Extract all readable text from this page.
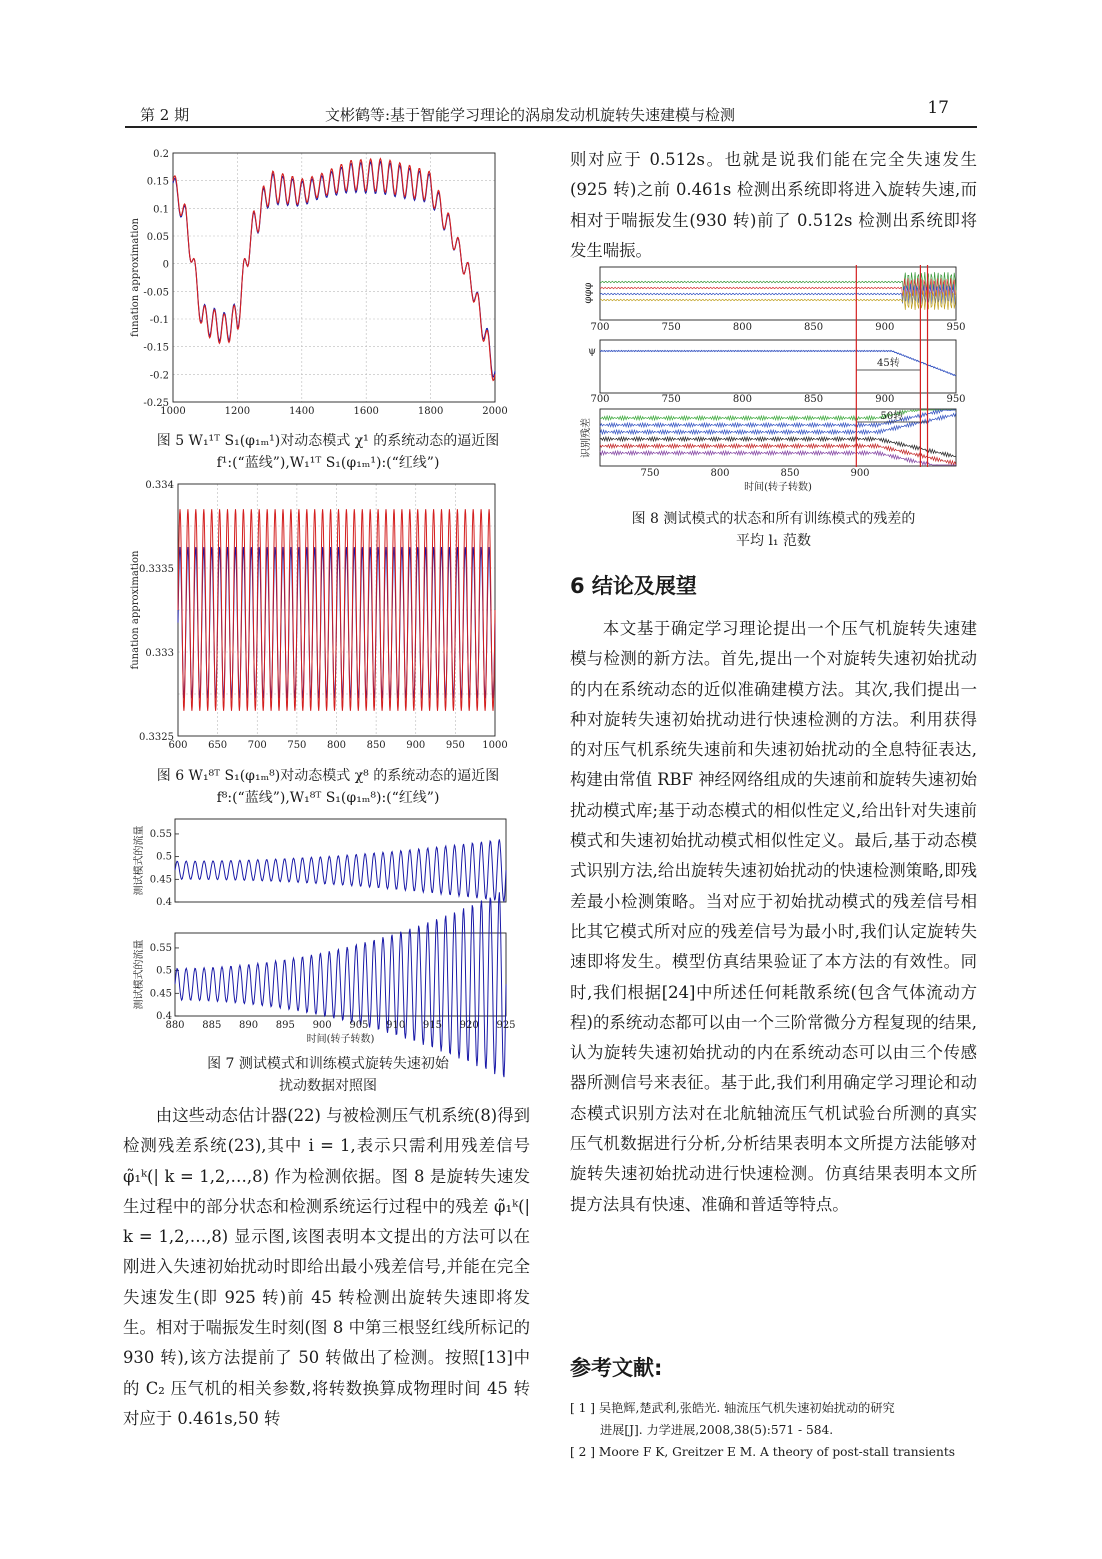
第 2 期	文彬鹤等:基于智能学习理论的涡扇发动机旋转失速建模与检测	17
1000	1200	1400	1600	1800	2000
0.2
0.15
0.1
0.05
0
-0.05
-0.1
-0.15
-0.2
-0.25
funation approximation
图 5 W₁¹ᵀ S₁(φ₁ₘ¹)对动态模式 χ¹ 的系统动态的逼近图
f¹:(“蓝线”),W₁¹ᵀ S₁(φ₁ₘ¹):(“红线”)
600 650 700 750 800 850 900 950 1000
0.334
0.3335
0.333
0.3325
funation approximation
图 6 W₁⁸ᵀ S₁(φ₁ₘ⁸)对动态模式 χ⁸ 的系统动态的逼近图
f⁸:(“蓝线”),W₁⁸ᵀ S₁(φ₁ₘ⁸):(“红线”)
0.55
0.5
0.45
0.4
测试模式的流量
0.55
0.5
0.45
0.4
测试模式的流量
880 885 890 895 900 905 910 915 920 925
时间(转子转数)
图 7 测试模式和训练模式旋转失速初始
扰动数据对照图

由这些动态估计器(22) 与被检测压气机系统(8)得到检测残差系统(23),其中 i = 1,表示只需利用残差信号 φ̃₁ᵏ(| k = 1,2,…,8) 作为检测依据。图 8 是旋转失速发生过程中的部分状态和检测系统运行过程中的残差 φ̃₁ᵏ(| k = 1,2,…,8) 显示图,该图表明本文提出的方法可以在刚进入失速初始扰动时即给出最小残差信号,并能在完全失速发生(即 925 转)前 45 转检测出旋转失速即将发生。相对于喘振发生时刻(图 8 中第三根竖红线所标记的 930 转),该方法提前了 50 转做出了检测。按照[13]中的 C₂ 压气机的相关参数,将转数换算成物理时间 45 转对应于 0.461s,50 转

则对应于 0.512s。也就是说我们能在完全失速发生(925 转)之前 0.461s 检测出系统即将进入旋转失速,而相对于喘振发生(930 转)前了 0.512s 检测出系统即将发生喘振。

φφφ
700	750	800	850	900	950
ψ
45转
700	750	800	850	900	950
识别残差
50转
750	800	850	900
时间(转子转数)
图 8 测试模式的状态和所有训练模式的残差的
平均 l₁ 范数
6 结论及展望

本文基于确定学习理论提出一个压气机旋转失速建模与检测的新方法。首先,提出一个对旋转失速初始扰动的内在系统动态的近似准确建模方法。其次,我们提出一种对旋转失速初始扰动进行快速检测的方法。利用获得的对压气机系统失速前和失速初始扰动的全息特征表达,构建由常值 RBF 神经网络组成的失速前和旋转失速初始扰动模式库;基于动态模式的相似性定义,给出针对失速前模式和失速初始扰动模式相似性定义。最后,基于动态模式识别方法,给出旋转失速初始扰动的快速检测策略,即残差最小检测策略。当对应于初始扰动模式的残差信号相比其它模式所对应的残差信号为最小时,我们认定旋转失速即将发生。模型仿真结果验证了本方法的有效性。同时,我们根据[24]中所述任何耗散系统(包含气体流动方程)的系统动态都可以由一个三阶常微分方程复现的结果,认为旋转失速初始扰动的内在系统动态可以由三个传感器所测信号来表征。基于此,我们利用确定学习理论和动态模式识别方法对在北航轴流压气机试验台所测的真实压气机数据进行分析,分析结果表明本文所提方法能够对旋转失速初始扰动进行快速检测。仿真结果表明本文所提方法具有快速、准确和普适等特点。

参考文献:
[ 1 ] 吴艳辉,楚武利,张皓光. 轴流压气机失速初始扰动的研究
进展[J]. 力学进展,2008,38(5):571 - 584.
[ 2 ] Moore F K, Greitzer E M. A theory of post-stall transients
